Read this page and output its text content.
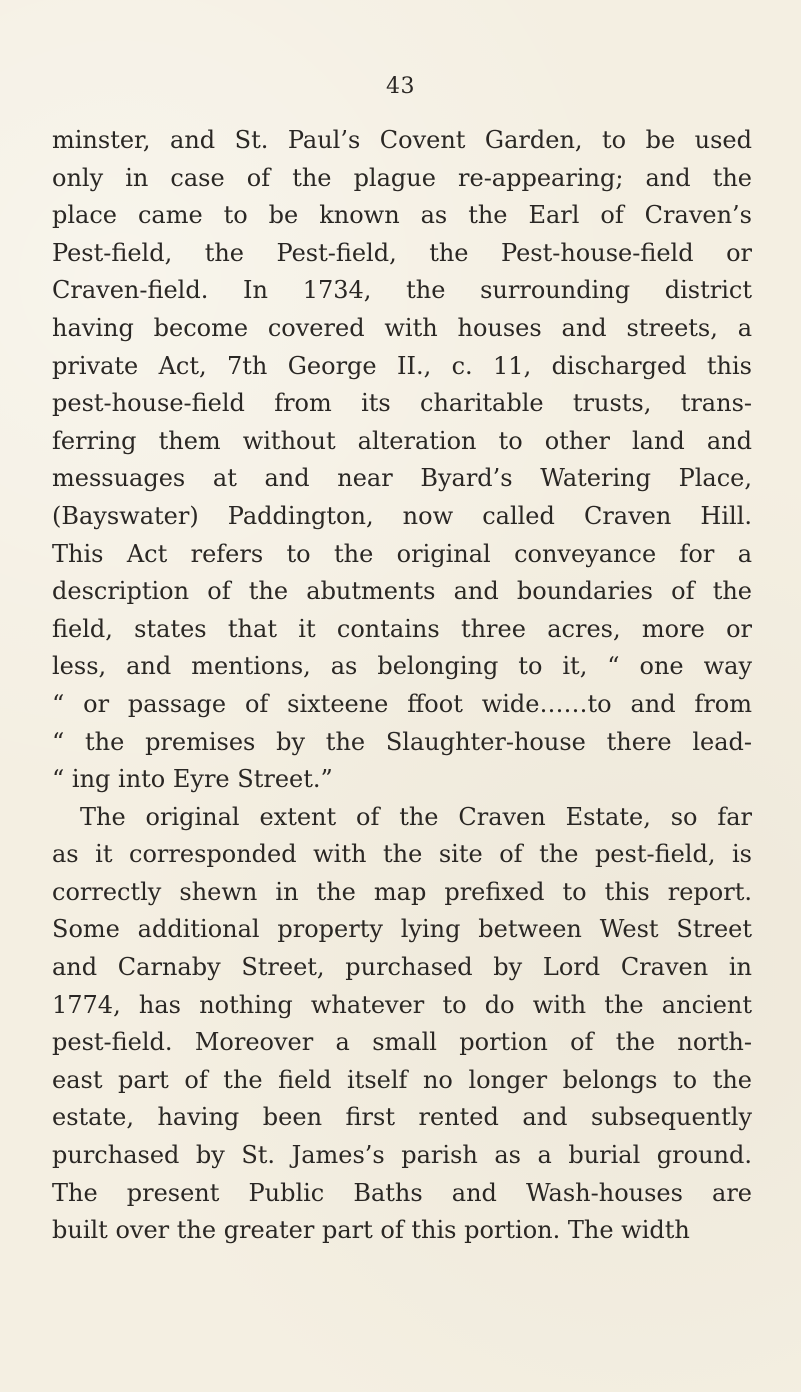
43
minster, and St. Paul’s Covent Garden, to be used
only in case of the plague re-appearing; and the
place came to be known as the Earl of Craven’s
Pest-field, the Pest-field, the Pest-house-field or
Craven-field. In 1734, the surrounding district
having become covered with houses and streets, a
private Act, 7th George II., c. 11, discharged this
pest-house-field from its charitable trusts, trans-
ferring them without alteration to other land and
messuages at and near Byard’s Watering Place,
(Bayswater) Paddington, now called Craven Hill.
This Act refers to the original conveyance for a
description of the abutments and boundaries of the
field, states that it contains three acres, more or
less, and mentions, as belonging to it, “ one way
“ or passage of sixteene ffoot wide……to and from
“ the premises by the Slaughter-house there lead-
“ ing into Eyre Street.”
The original extent of the Craven Estate, so far
as it corresponded with the site of the pest-field, is
correctly shewn in the map prefixed to this report.
Some additional property lying between West Street
and Carnaby Street, purchased by Lord Craven in
1774, has nothing whatever to do with the ancient
pest-field. Moreover a small portion of the north-
east part of the field itself no longer belongs to the
estate, having been first rented and subsequently
purchased by St. James’s parish as a burial ground.
The present Public Baths and Wash-houses are
built over the greater part of this portion. The width
